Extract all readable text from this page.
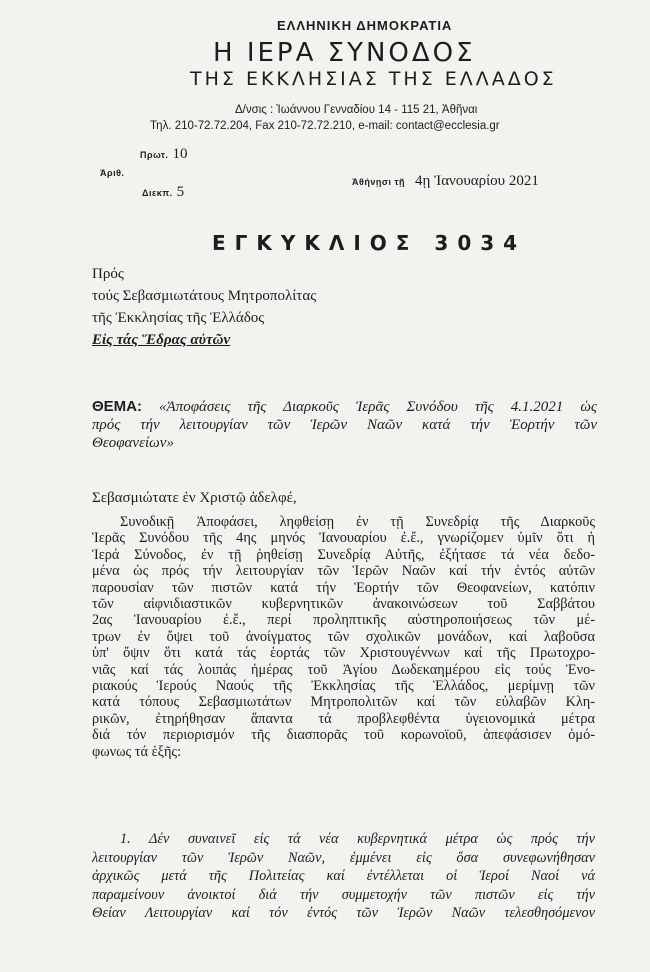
ΕΛΛΗΝΙΚΗ ΔΗΜΟΚΡΑΤΙΑ
Η ΙΕΡΑ ΣΥΝΟΔΟΣ
ΤΗΣ ΕΚΚΛΗΣΙΑΣ ΤΗΣ ΕΛΛΑΔΟΣ
Δ/νσις : Ἰωάννου Γενναδίου 14 - 115 21, Ἀθῆναι
Τηλ. 210-72.72.204, Fax 210-72.72.210, e-mail: contact@ecclesia.gr
Πρωτ. 10
Ἀριθ.
Διεκπ. 5
Ἀθήνῃσι τῇ 4ῃ Ἰανουαρίου 2021
ΕΓΚΥΚΛΙΟΣ 3034
Πρός
τούς Σεβασμιωτάτους Μητροπολίτας
τῆς Ἐκκλησίας τῆς Ἑλλάδος
Εἰς τάς Ἕδρας αὐτῶν
ΘΕΜΑ: «Ἀποφάσεις τῆς Διαρκοῦς Ἱερᾶς Συνόδου τῆς 4.1.2021 ὡς
πρός τήν λειτουργίαν τῶν Ἱερῶν Ναῶν κατά τήν Ἑορτήν τῶν
Θεοφανείων»
Σεβασμιώτατε ἐν Χριστῷ ἀδελφέ,
Συνοδικῇ Ἀποφάσει, ληφθείσῃ ἐν τῇ Συνεδρίᾳ τῆς Διαρκοῦς
Ἱερᾶς Συνόδου τῆς 4ης μηνός Ἰανουαρίου ἐ.ἔ., γνωρίζομεν ὑμῖν ὅτι ἡ
Ἱερά Σύνοδος, ἐν τῇ ῥηθείσῃ Συνεδρίᾳ Αὐτῆς, ἐξήτασε τά νέα δεδο-
μένα ὡς πρός τήν λειτουργίαν τῶν Ἱερῶν Ναῶν καί τήν ἐντός αὐτῶν
παρουσίαν τῶν πιστῶν κατά τήν Ἑορτήν τῶν Θεοφανείων, κατόπιν
τῶν αἰφνιδιαστικῶν κυβερνητικῶν ἀνακοινώσεων τοῦ Σαββάτου
2ας Ἰανουαρίου ἐ.ἔ., περί προληπτικῆς αὐστηροποιήσεως τῶν μέ-
τρων ἐν ὄψει τοῦ ἀνοίγματος τῶν σχολικῶν μονάδων, καί λαβοῦσα
ὑπ' ὄψιν ὅτι κατά τάς ἑορτάς τῶν Χριστουγέννων καί τῆς Πρωτοχρο-
νιᾶς καί τάς λοιπάς ἡμέρας τοῦ Ἁγίου Δωδεκαημέρου εἰς τούς Ἐνο-
ριακούς Ἱερούς Ναούς τῆς Ἐκκλησίας τῆς Ἑλλάδος, μερίμνῃ τῶν
κατά τόπους Σεβασμιωτάτων Μητροπολιτῶν καί τῶν εὐλαβῶν Κλη-
ρικῶν, ἐτηρήθησαν ἅπαντα τά προβλεφθέντα ὑγειονομικά μέτρα
διά τόν περιορισμόν τῆς διασπορᾶς τοῦ κορωνοϊοῦ, ἀπεφάσισεν ὁμό-
φωνως τά ἑξῆς:
1. Δέν συναινεῖ εἰς τά νέα κυβερνητικά μέτρα ὡς πρός τήν
λειτουργίαν τῶν Ἱερῶν Ναῶν, ἐμμένει εἰς ὅσα συνεφωνήθησαν
ἀρχικῶς μετά τῆς Πολιτείας καί ἐντέλλεται οἱ Ἱεροί Ναοί νά
παραμείνουν ἀνοικτοί διά τήν συμμετοχήν τῶν πιστῶν εἰς τήν
Θείαν Λειτουργίαν καί τόν ἐντός τῶν Ἱερῶν Ναῶν τελεσθησόμενον
